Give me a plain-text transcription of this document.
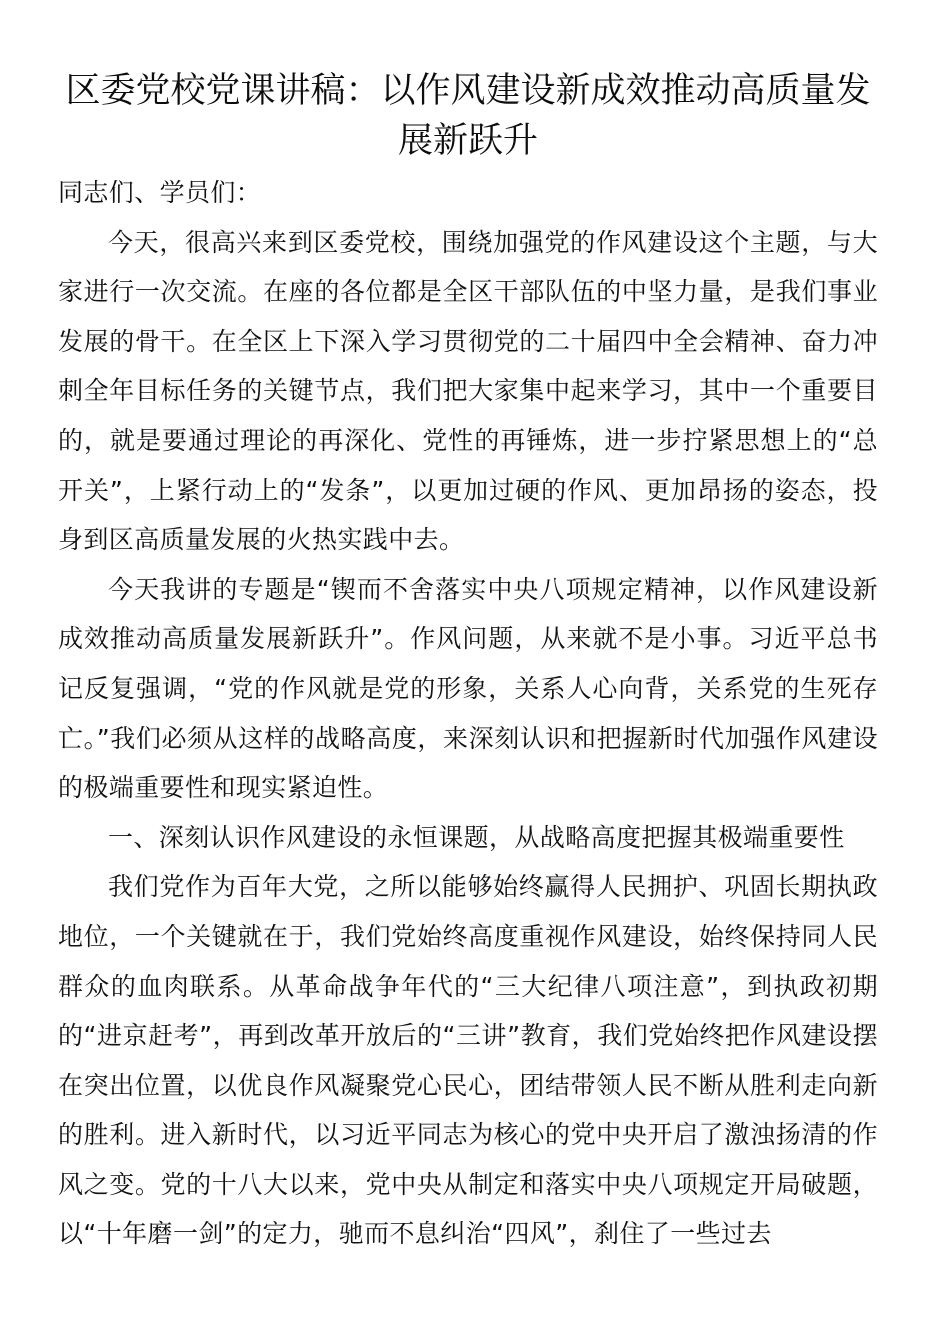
区委党校党课讲稿：以作风建设新成效推动高质量发展新跃升

同志们、学员们：

今天，很高兴来到区委党校，围绕加强党的作风建设这个主题，与大家进行一次交流。在座的各位都是全区干部队伍的中坚力量，是我们事业发展的骨干。在全区上下深入学习贯彻党的二十届四中全会精神、奋力冲刺全年目标任务的关键节点，我们把大家集中起来学习，其中一个重要目的，就是要通过理论的再深化、党性的再锤炼，进一步拧紧思想上的“总开关”，上紧行动上的“发条”，以更加过硬的作风、更加昂扬的姿态，投身到区高质量发展的火热实践中去。

今天我讲的专题是“锲而不舍落实中央八项规定精神，以作风建设新成效推动高质量发展新跃升”。作风问题，从来就不是小事。习近平总书记反复强调，“党的作风就是党的形象，关系人心向背，关系党的生死存亡。”我们必须从这样的战略高度，来深刻认识和把握新时代加强作风建设的极端重要性和现实紧迫性。

一、深刻认识作风建设的永恒课题，从战略高度把握其极端重要性

我们党作为百年大党，之所以能够始终赢得人民拥护、巩固长期执政地位，一个关键就在于，我们党始终高度重视作风建设，始终保持同人民群众的血肉联系。从革命战争年代的“三大纪律八项注意”，到执政初期的“进京赶考”，再到改革开放后的“三讲”教育，我们党始终把作风建设摆在突出位置，以优良作风凝聚党心民心，团结带领人民不断从胜利走向新的胜利。进入新时代，以习近平同志为核心的党中央开启了激浊扬清的作风之变。党的十八大以来，党中央从制定和落实中央八项规定开局破题，以“十年磨一剑”的定力，驰而不息纠治“四风”，刹住了一些过去
